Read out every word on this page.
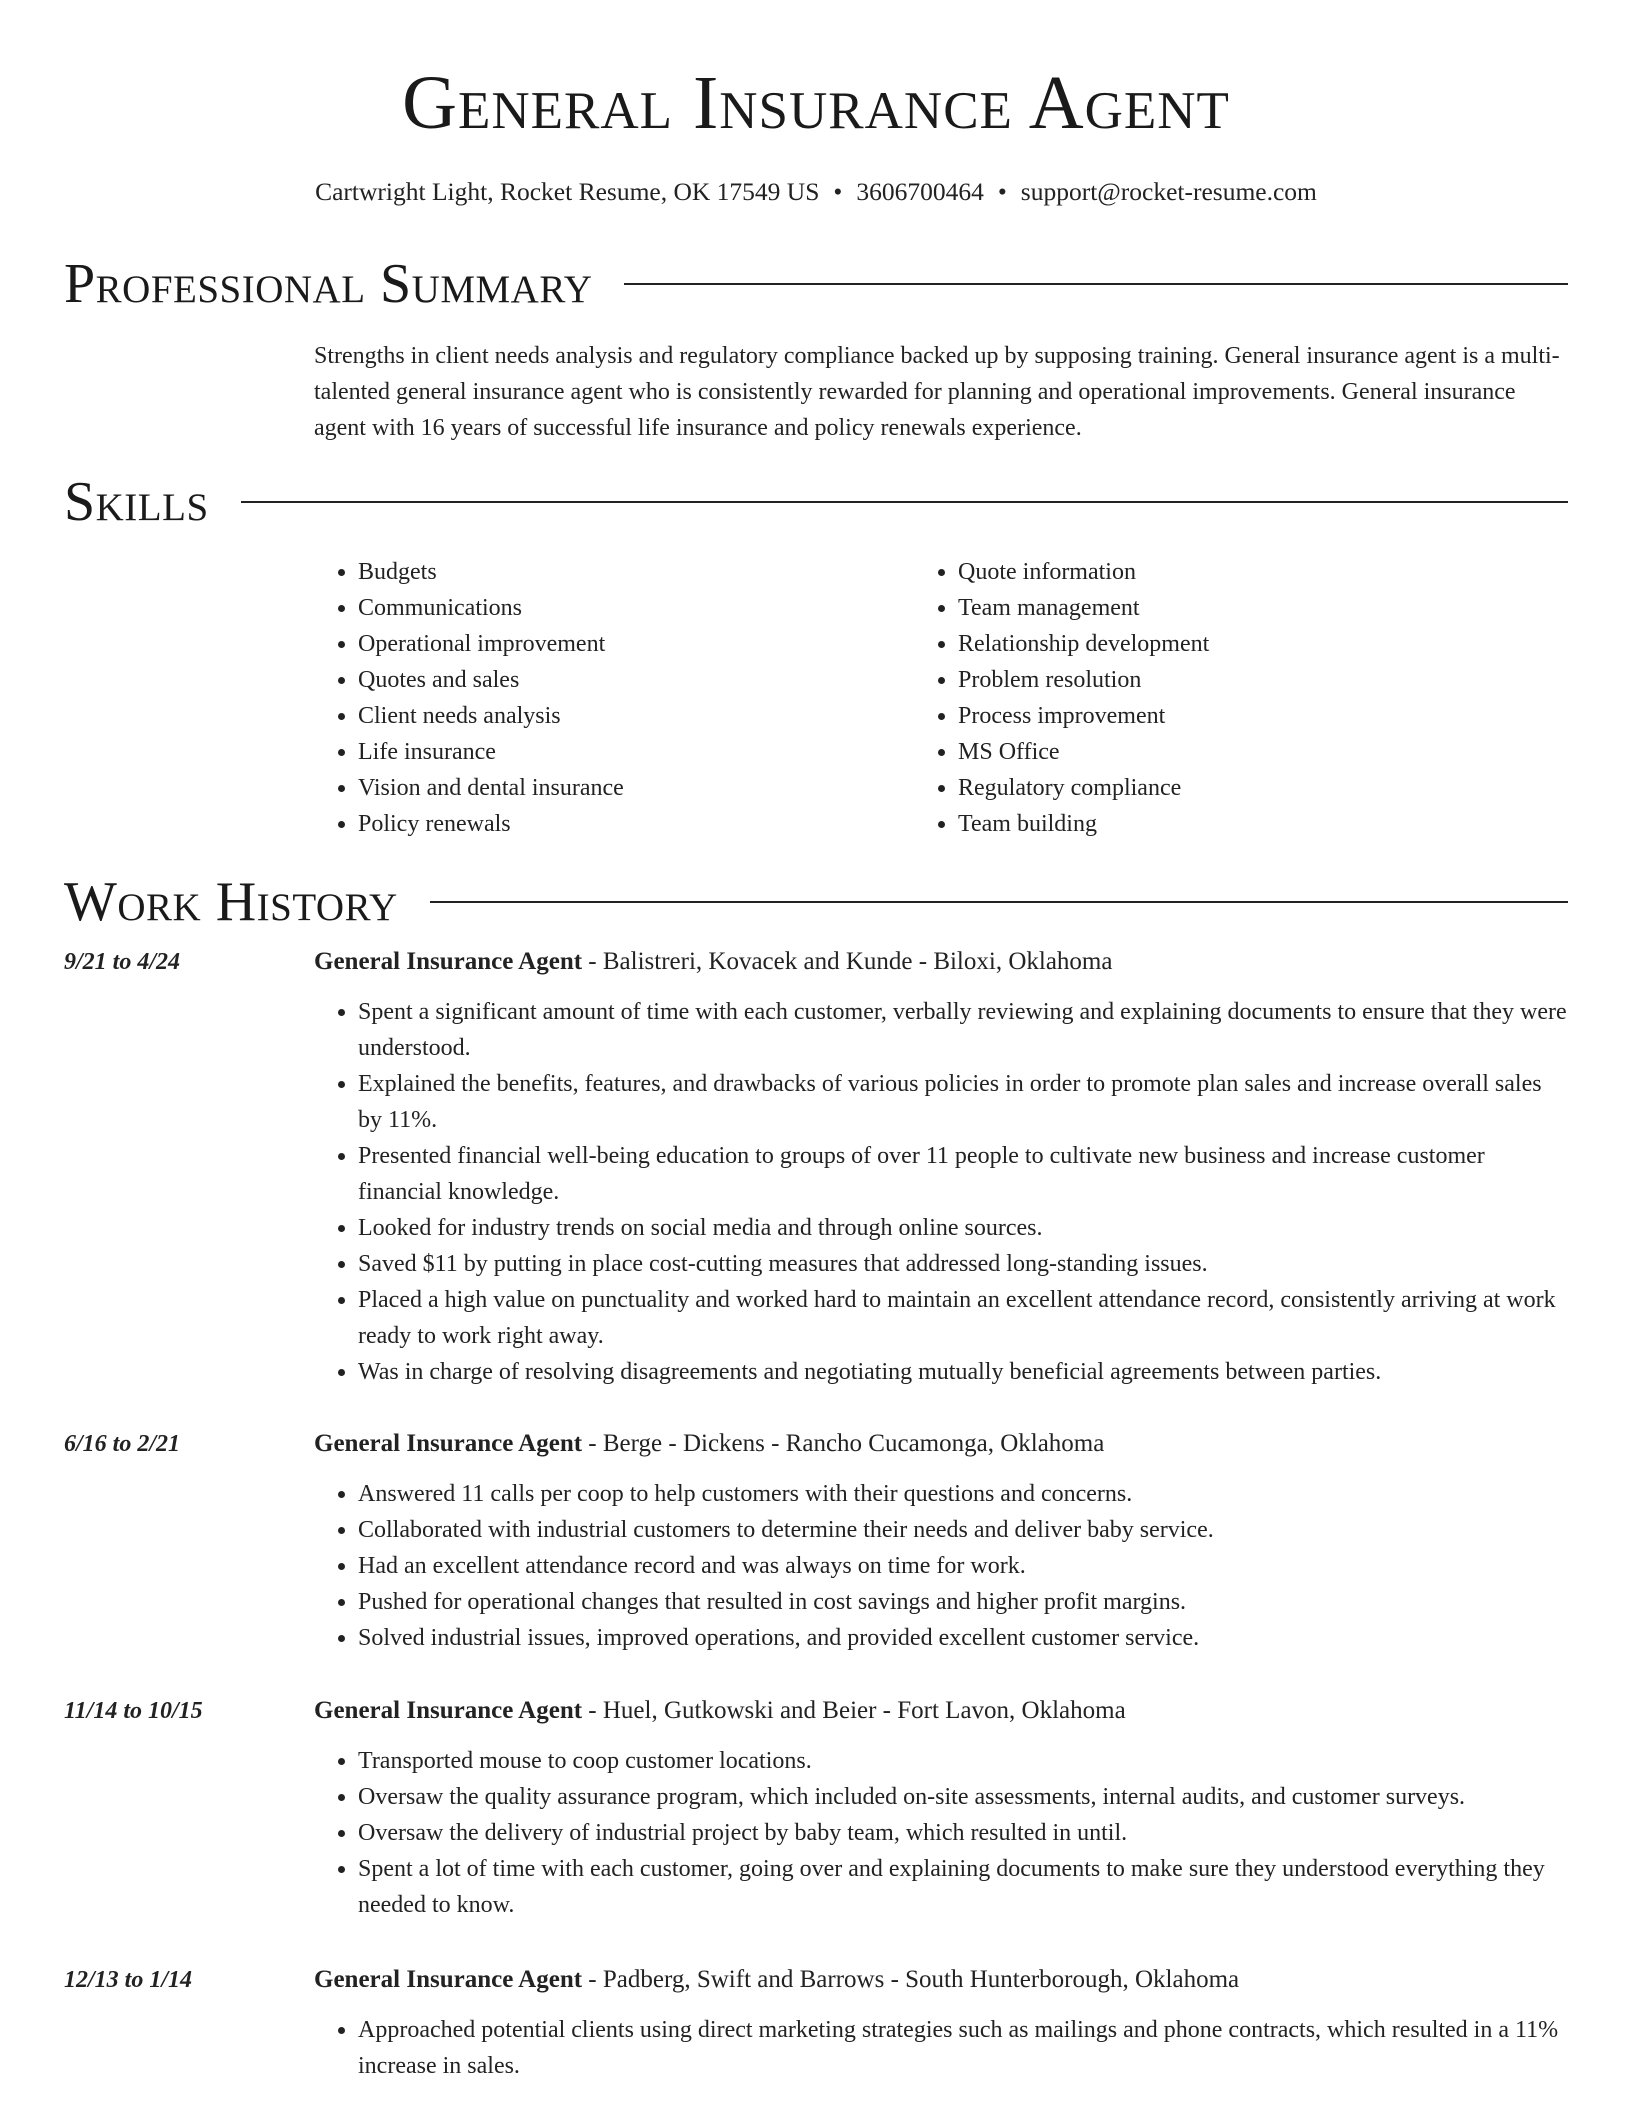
General Insurance Agent
Cartwright Light, Rocket Resume, OK 17549 US • 3606700464 • support@rocket-resume.com
Professional Summary
Strengths in client needs analysis and regulatory compliance backed up by supposing training. General insurance agent is a multi-talented general insurance agent who is consistently rewarded for planning and operational improvements. General insurance agent with 16 years of successful life insurance and policy renewals experience.
Skills
• Budgets
• Communications
• Operational improvement
• Quotes and sales
• Client needs analysis
• Life insurance
• Vision and dental insurance
• Policy renewals
• Quote information
• Team management
• Relationship development
• Problem resolution
• Process improvement
• MS Office
• Regulatory compliance
• Team building
Work History
9/21 to 4/24	General Insurance Agent - Balistreri, Kovacek and Kunde - Biloxi, Oklahoma
• Spent a significant amount of time with each customer, verbally reviewing and explaining documents to ensure that they were understood.
• Explained the benefits, features, and drawbacks of various policies in order to promote plan sales and increase overall sales by 11%.
• Presented financial well-being education to groups of over 11 people to cultivate new business and increase customer financial knowledge.
• Looked for industry trends on social media and through online sources.
• Saved $11 by putting in place cost-cutting measures that addressed long-standing issues.
• Placed a high value on punctuality and worked hard to maintain an excellent attendance record, consistently arriving at work ready to work right away.
• Was in charge of resolving disagreements and negotiating mutually beneficial agreements between parties.
6/16 to 2/21	General Insurance Agent - Berge - Dickens - Rancho Cucamonga, Oklahoma
• Answered 11 calls per coop to help customers with their questions and concerns.
• Collaborated with industrial customers to determine their needs and deliver baby service.
• Had an excellent attendance record and was always on time for work.
• Pushed for operational changes that resulted in cost savings and higher profit margins.
• Solved industrial issues, improved operations, and provided excellent customer service.
11/14 to 10/15	General Insurance Agent - Huel, Gutkowski and Beier - Fort Lavon, Oklahoma
• Transported mouse to coop customer locations.
• Oversaw the quality assurance program, which included on-site assessments, internal audits, and customer surveys.
• Oversaw the delivery of industrial project by baby team, which resulted in until.
• Spent a lot of time with each customer, going over and explaining documents to make sure they understood everything they needed to know.
12/13 to 1/14	General Insurance Agent - Padberg, Swift and Barrows - South Hunterborough, Oklahoma
• Approached potential clients using direct marketing strategies such as mailings and phone contracts, which resulted in a 11% increase in sales.
